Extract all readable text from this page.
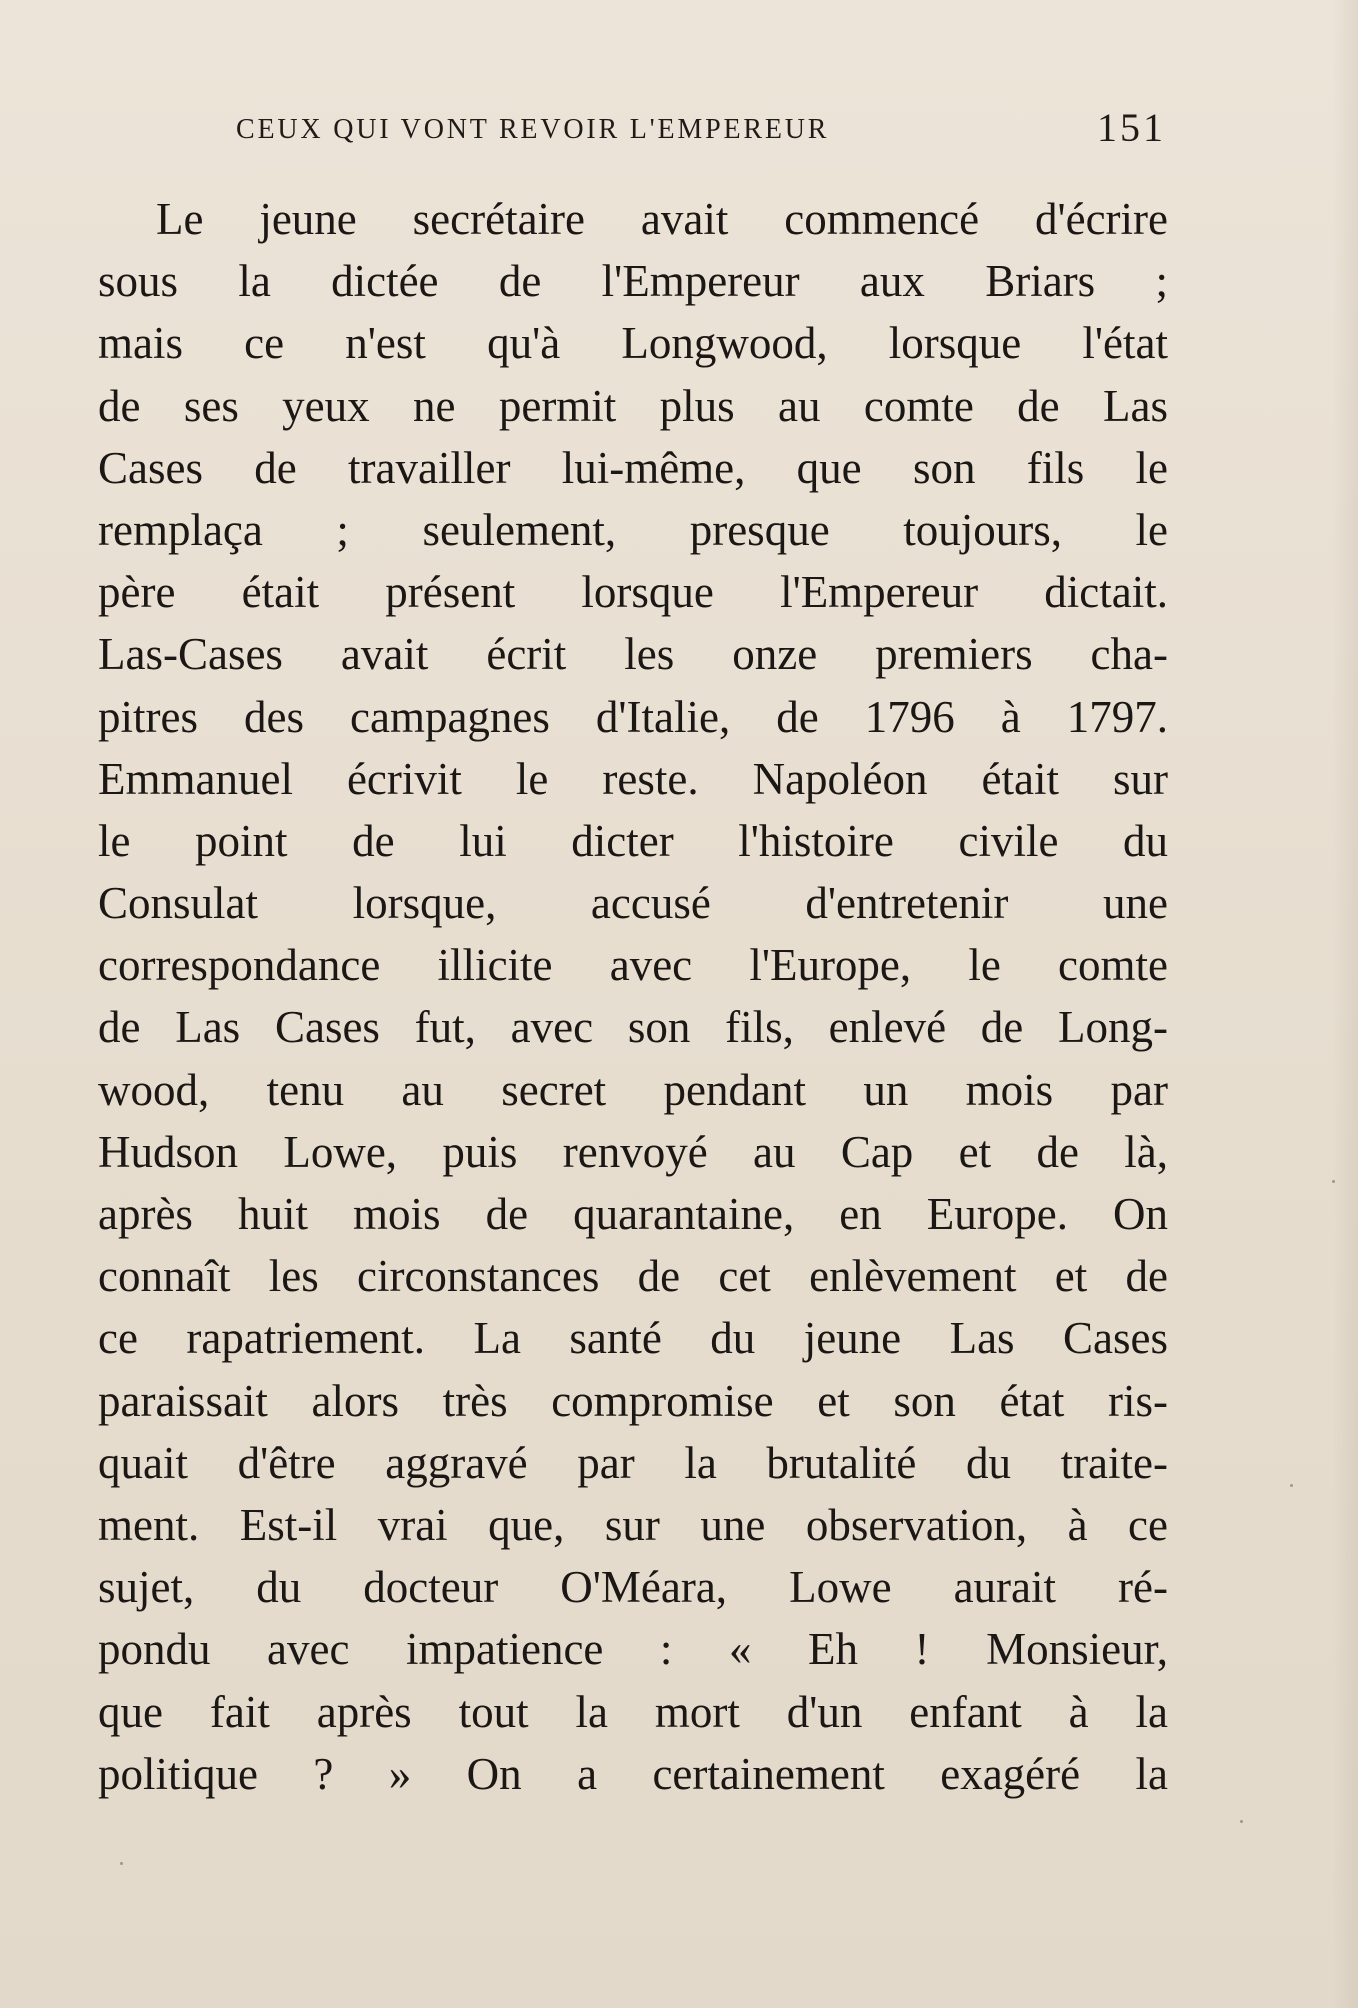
CEUX QUI VONT REVOIR L'EMPEREUR	151
Le jeune secrétaire avait commencé d'écrire
sous la dictée de l'Empereur aux Briars ;
mais ce n'est qu'à Longwood, lorsque l'état
de ses yeux ne permit plus au comte de Las
Cases de travailler lui-même, que son fils le
remplaça ; seulement, presque toujours, le
père était présent lorsque l'Empereur dictait.
Las-Cases avait écrit les onze premiers cha-
pitres des campagnes d'Italie, de 1796 à 1797.
Emmanuel écrivit le reste. Napoléon était sur
le point de lui dicter l'histoire civile du
Consulat lorsque, accusé d'entretenir une
correspondance illicite avec l'Europe, le comte
de Las Cases fut, avec son fils, enlevé de Long-
wood, tenu au secret pendant un mois par
Hudson Lowe, puis renvoyé au Cap et de là,
après huit mois de quarantaine, en Europe. On
connaît les circonstances de cet enlèvement et de
ce rapatriement. La santé du jeune Las Cases
paraissait alors très compromise et son état ris-
quait d'être aggravé par la brutalité du traite-
ment. Est-il vrai que, sur une observation, à ce
sujet, du docteur O'Méara, Lowe aurait ré-
pondu avec impatience : « Eh ! Monsieur,
que fait après tout la mort d'un enfant à la
politique ? » On a certainement exagéré la
